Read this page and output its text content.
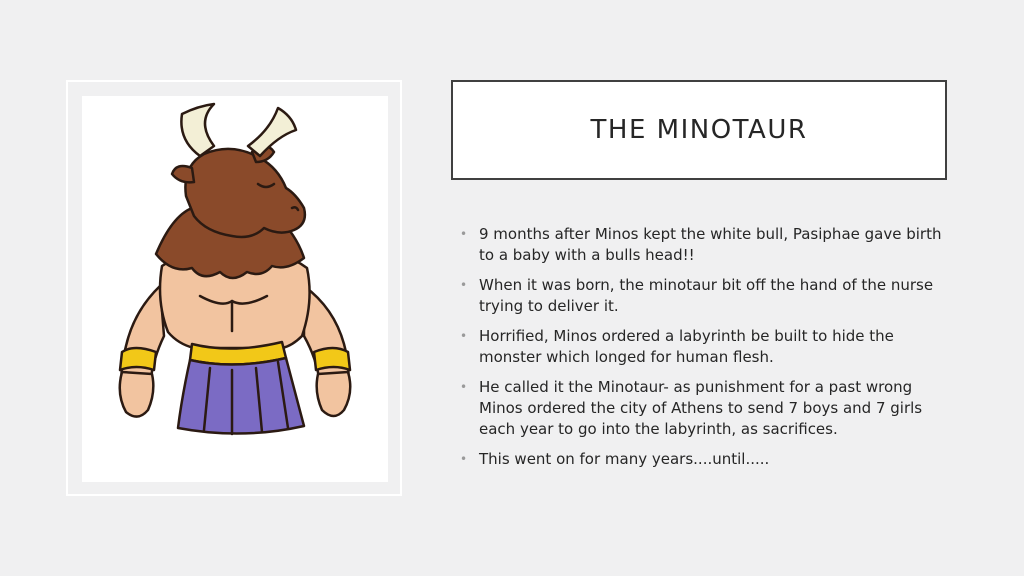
THE MINOTAUR
• 9 months after Minos kept the white bull, Pasiphae gave birth to a baby with a bulls head!!
• When it was born, the minotaur bit off the hand of the nurse trying to deliver it.
• Horrified, Minos ordered a labyrinth be built to hide the monster which longed for human flesh.
• He called it the Minotaur- as punishment for a past wrong Minos ordered the city of Athens to send 7 boys and 7 girls each year to go into the labyrinth, as sacrifices.
• This went on for many years....until.....
